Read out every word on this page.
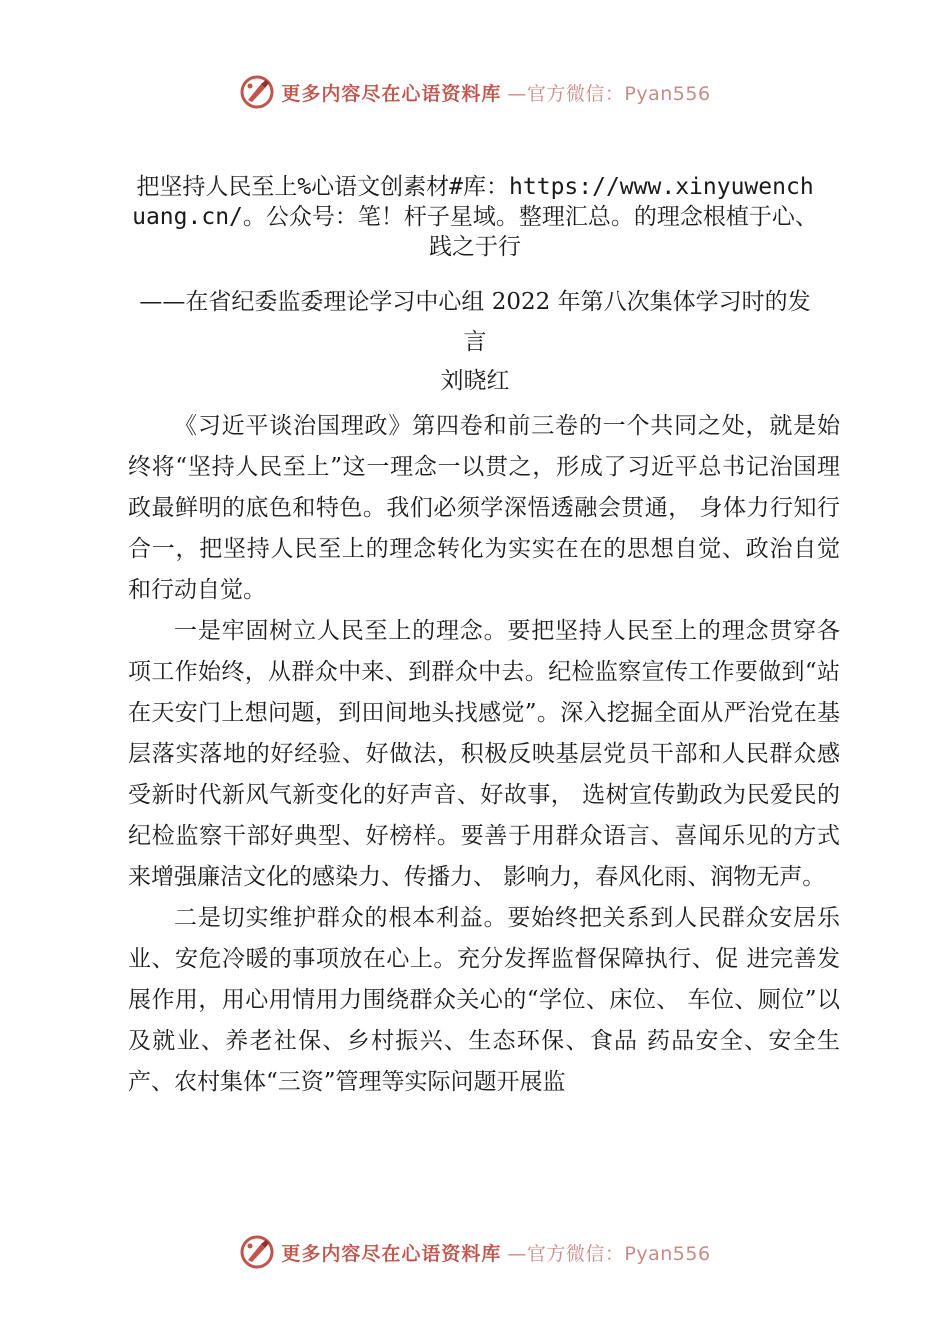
更多内容尽在心语资料库 —官方微信：Pyan556
把坚持人民至上%心语文创素材#库：https://www.xinyuwenchuang.cn/。公众号：笔！杆子星域。整理汇总。的理念根植于心、践之于行
——在省纪委监委理论学习中心组 2022 年第八次集体学习时的发言
刘晓红

《习近平谈治国理政》第四卷和前三卷的一个共同之处，就是始终将“坚持人民至上”这一理念一以贯之，形成了习近平总书记治国理政最鲜明的底色和特色。我们必须学深悟透融会贯通， 身体力行知行合一，把坚持人民至上的理念转化为实实在在的思想自觉、政治自觉和行动自觉。

一是牢固树立人民至上的理念。要把坚持人民至上的理念贯穿各项工作始终，从群众中来、到群众中去。纪检监察宣传工作要做到“站在天安门上想问题，到田间地头找感觉”。深入挖掘全面从严治党在基层落实落地的好经验、好做法，积极反映基层党员干部和人民群众感受新时代新风气新变化的好声音、好故事， 选树宣传勤政为民爱民的纪检监察干部好典型、好榜样。要善于用群众语言、喜闻乐见的方式来增强廉洁文化的感染力、传播力、 影响力，春风化雨、润物无声。

二是切实维护群众的根本利益。要始终把关系到人民群众安居乐业、安危冷暖的事项放在心上。充分发挥监督保障执行、促 进完善发展作用，用心用情用力围绕群众关心的“学位、床位、 车位、厕位”以及就业、养老社保、乡村振兴、生态环保、食品 药品安全、安全生产、农村集体“三资”管理等实际问题开展监

更多内容尽在心语资料库 —官方微信：Pyan556
